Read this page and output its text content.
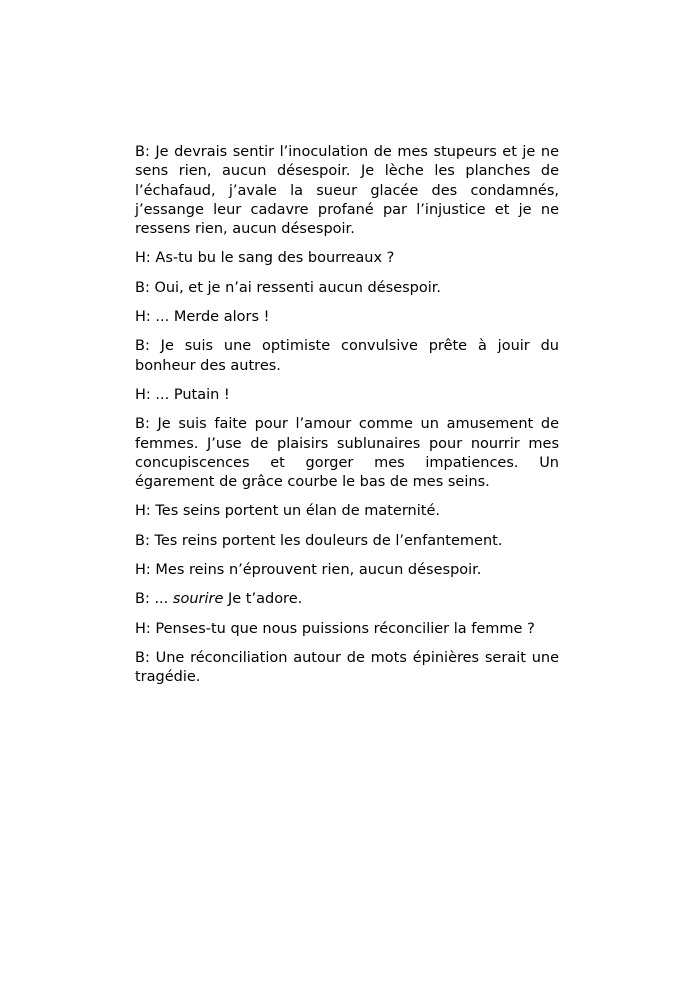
B: Je devrais sentir l’inoculation de mes stupeurs et je ne sens rien, aucun désespoir. Je lèche les planches de l’échafaud, j’avale la sueur glacée des condamnés, j’essange leur cadavre profané par l’injustice et je ne ressens rien, aucun désespoir.

H: As-tu bu le sang des bourreaux ?

B: Oui, et je n’ai ressenti aucun désespoir.

H: ... Merde alors !

B: Je suis une optimiste convulsive prête à jouir du bonheur des autres.

H: ... Putain !

B: Je suis faite pour l’amour comme un amusement de femmes. J’use de plaisirs sublunaires pour nourrir mes concupiscences et gorger mes impatiences. Un égarement de grâce courbe le bas de mes seins.

H: Tes seins portent un élan de maternité.

B: Tes reins portent les douleurs de l’enfantement.

H: Mes reins n’éprouvent rien, aucun désespoir.

B: ... sourire Je t’adore.

H: Penses-tu que nous puissions réconcilier la femme ?

B: Une réconciliation autour de mots épinières serait une tragédie.
